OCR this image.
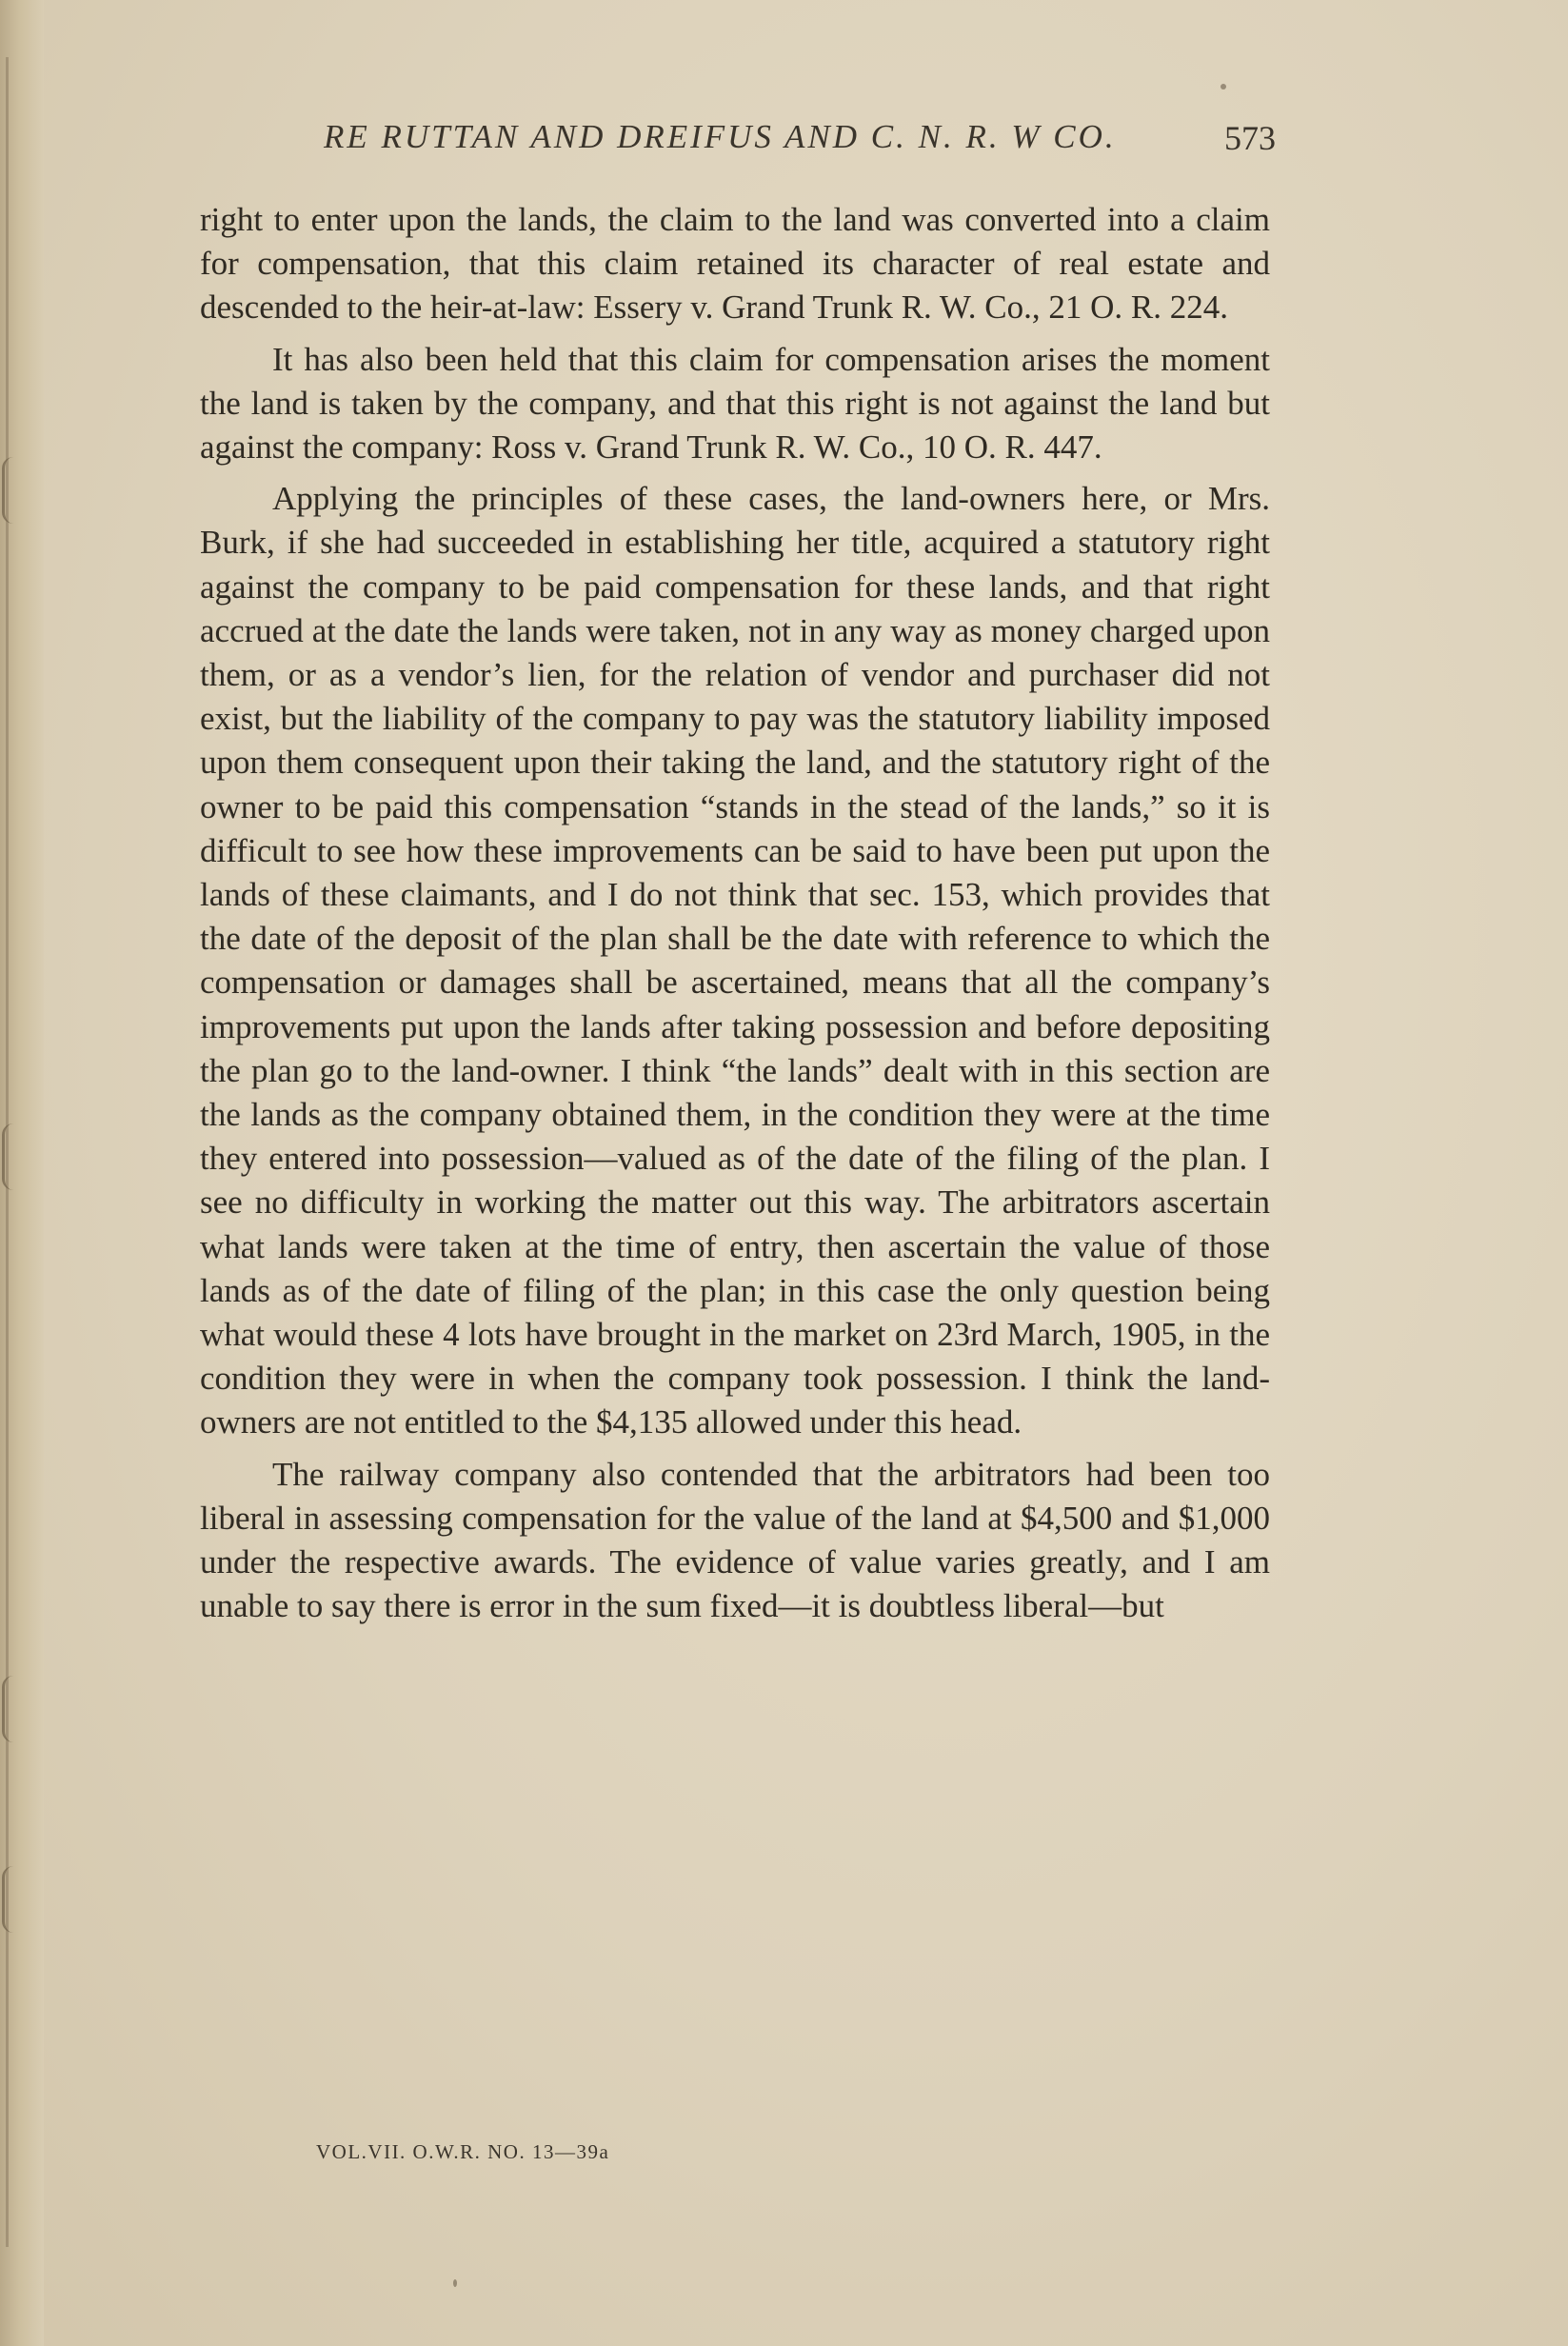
RE RUTTAN AND DREIFUS AND C. N. R. W CO.	573

right to enter upon the lands, the claim to the land was converted into a claim for compensation, that this claim retained its character of real estate and descended to the heir-at-law: Essery v. Grand Trunk R. W. Co., 21 O. R. 224.

It has also been held that this claim for compensation arises the moment the land is taken by the company, and that this right is not against the land but against the company: Ross v. Grand Trunk R. W. Co., 10 O. R. 447.

Applying the principles of these cases, the land-owners here, or Mrs. Burk, if she had succeeded in establishing her title, acquired a statutory right against the company to be paid compensation for these lands, and that right accrued at the date the lands were taken, not in any way as money charged upon them, or as a vendor’s lien, for the relation of vendor and purchaser did not exist, but the liability of the company to pay was the statutory liability imposed upon them consequent upon their taking the land, and the statutory right of the owner to be paid this compensation “stands in the stead of the lands,” so it is difficult to see how these improvements can be said to have been put upon the lands of these claimants, and I do not think that sec. 153, which provides that the date of the deposit of the plan shall be the date with reference to which the compensation or damages shall be ascertained, means that all the company’s improvements put upon the lands after taking possession and before depositing the plan go to the land-owner. I think “the lands” dealt with in this section are the lands as the company obtained them, in the condition they were at the time they entered into possession—valued as of the date of the filing of the plan. I see no difficulty in working the matter out this way. The arbitrators ascertain what lands were taken at the time of entry, then ascertain the value of those lands as of the date of filing of the plan; in this case the only question being what would these 4 lots have brought in the market on 23rd March, 1905, in the condition they were in when the company took possession. I think the land-owners are not entitled to the $4,135 allowed under this head.

The railway company also contended that the arbitrators had been too liberal in assessing compensation for the value of the land at $4,500 and $1,000 under the respective awards. The evidence of value varies greatly, and I am unable to say there is error in the sum fixed—it is doubtless liberal—but

VOL.VII. O.W.R. NO. 13—39a
